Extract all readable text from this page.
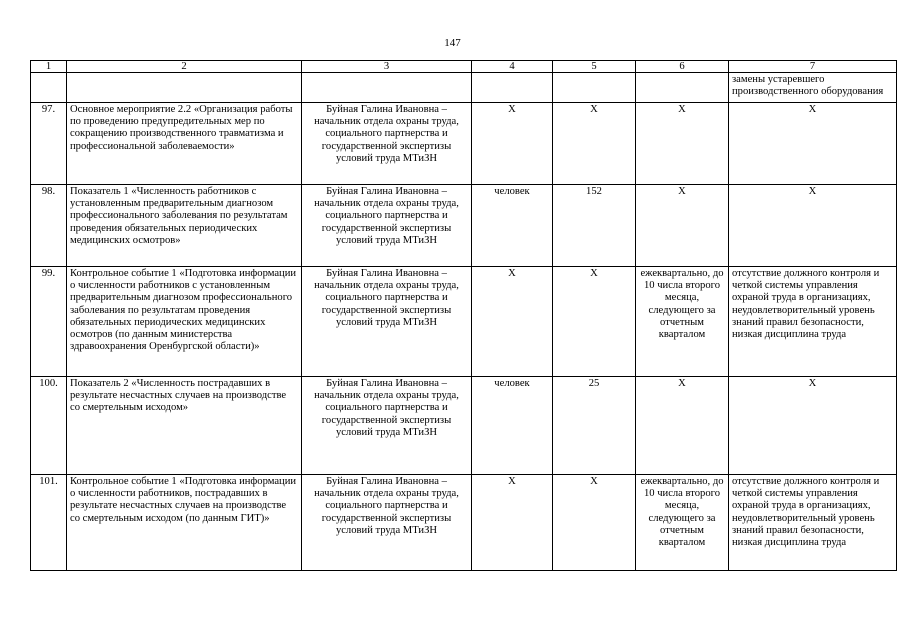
147
1	2	3	4	5	6	7
						замены устаревшего производственного оборудования
97.	Основное мероприятие 2.2 «Организация работы по проведению предупредительных мер по сокращению производственного травматизма и профессиональной заболеваемости»	Буйная Галина Ивановна – начальник отдела охраны труда, социального партнерства и государственной экспертизы условий труда МТиЗН	Х	Х	Х	Х
98.	Показатель 1 «Численность работников с установленным предварительным диагнозом профессионального заболевания по результатам проведения обязательных периодических медицинских осмотров»	Буйная Галина Ивановна – начальник отдела охраны труда, социального партнерства и государственной экспертизы условий труда МТиЗН	человек	152	Х	Х
99.	Контрольное событие 1 «Подготовка информации о численности работников с установленным предварительным диагнозом профессионального заболевания по результатам проведения обязательных периодических медицинских осмотров (по данным министерства здравоохранения Оренбургской области)»	Буйная Галина Ивановна – начальник отдела охраны труда, социального партнерства и государственной экспертизы условий труда МТиЗН	Х	Х	ежеквартально, до 10 числа второго месяца, следующего за отчетным кварталом	отсутствие должного контроля и четкой системы управления охраной труда в организациях, неудовлетворительный уровень знаний правил безопасности, низкая дисциплина труда
100.	Показатель 2 «Численность пострадавших в результате несчастных случаев на производстве со смертельным исходом»	Буйная Галина Ивановна – начальник отдела охраны труда, социального партнерства и государственной экспертизы условий труда МТиЗН	человек	25	Х	Х
101.	Контрольное событие 1 «Подготовка информации о численности работников, пострадавших в результате несчастных случаев на производстве со смертельным исходом (по данным ГИТ)»	Буйная Галина Ивановна – начальник отдела охраны труда, социального партнерства и государственной экспертизы условий труда МТиЗН	Х	Х	ежеквартально, до 10 числа второго месяца, следующего за отчетным кварталом	отсутствие должного контроля и четкой системы управления охраной труда в организациях, неудовлетворительный уровень знаний правил безопасности, низкая дисциплина труда
